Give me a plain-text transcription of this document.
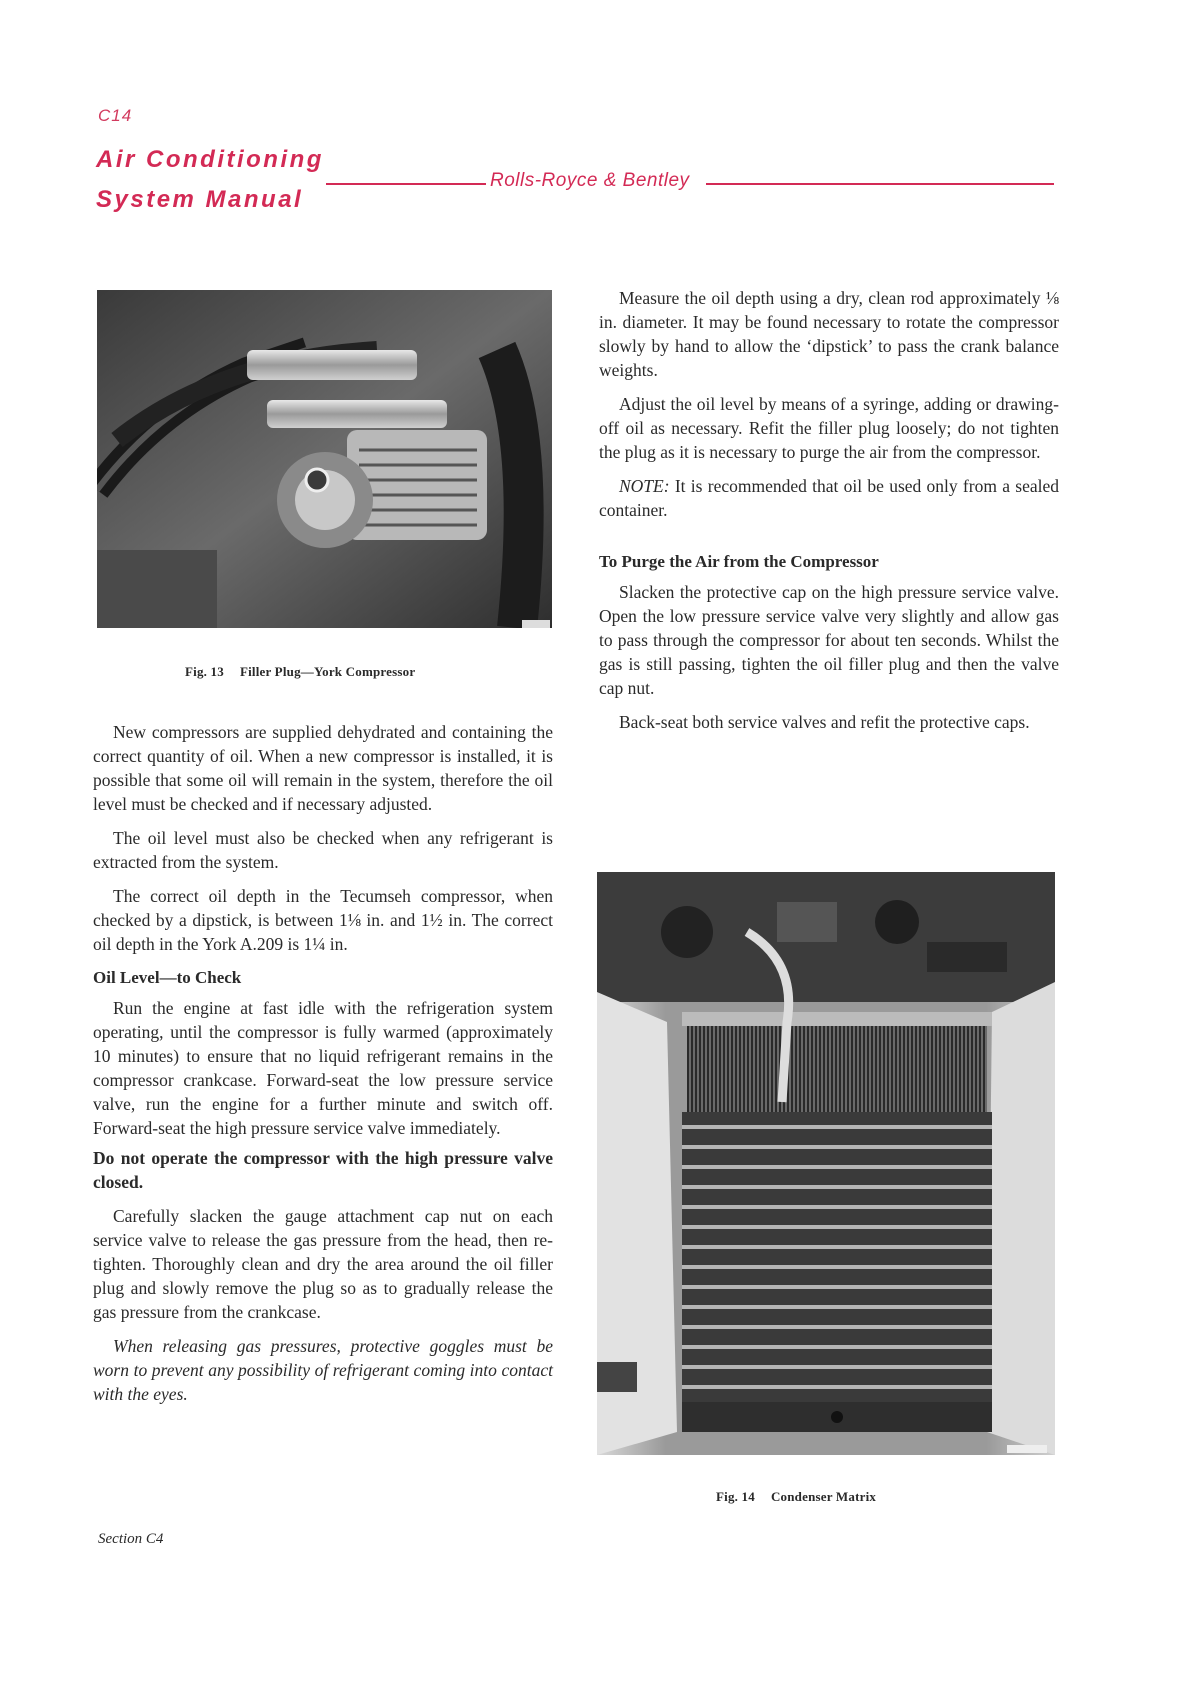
C14
Air Conditioning
System Manual
Rolls-Royce & Bentley
Fig. 13 Filler Plug—York Compressor

New compressors are supplied dehydrated and containing the correct quantity of oil. When a new compressor is installed, it is possible that some oil will remain in the system, therefore the oil level must be checked and if necessary adjusted.

The oil level must also be checked when any refrigerant is extracted from the system.

The correct oil depth in the Tecumseh compressor, when checked by a dipstick, is between 1⅛ in. and 1½ in. The correct oil depth in the York A.209 is 1¼ in.

Oil Level—to Check

Run the engine at fast idle with the refrigeration system operating, until the compressor is fully warmed (approximately 10 minutes) to ensure that no liquid refrigerant remains in the compressor crankcase. Forward-seat the low pressure service valve, run the engine for a further minute and switch off. Forward-seat the high pressure service valve immediately.

Do not operate the compressor with the high pressure valve closed.

Carefully slacken the gauge attachment cap nut on each service valve to release the gas pressure from the head, then re-tighten. Thoroughly clean and dry the area around the oil filler plug and slowly remove the plug so as to gradually release the gas pressure from the crankcase.

When releasing gas pressures, protective goggles must be worn to prevent any possibility of refrigerant coming into contact with the eyes.

Measure the oil depth using a dry, clean rod approximately ⅛ in. diameter. It may be found necessary to rotate the compressor slowly by hand to allow the ‘dipstick’ to pass the crank balance weights.

Adjust the oil level by means of a syringe, adding or drawing-off oil as necessary. Refit the filler plug loosely; do not tighten the plug as it is necessary to purge the air from the compressor.

NOTE: It is recommended that oil be used only from a sealed container.

To Purge the Air from the Compressor

Slacken the protective cap on the high pressure service valve. Open the low pressure service valve very slightly and allow gas to pass through the compressor for about ten seconds. Whilst the gas is still passing, tighten the oil filler plug and then the valve cap nut.

Back-seat both service valves and refit the protective caps.

Fig. 14 Condenser Matrix
Section C4
